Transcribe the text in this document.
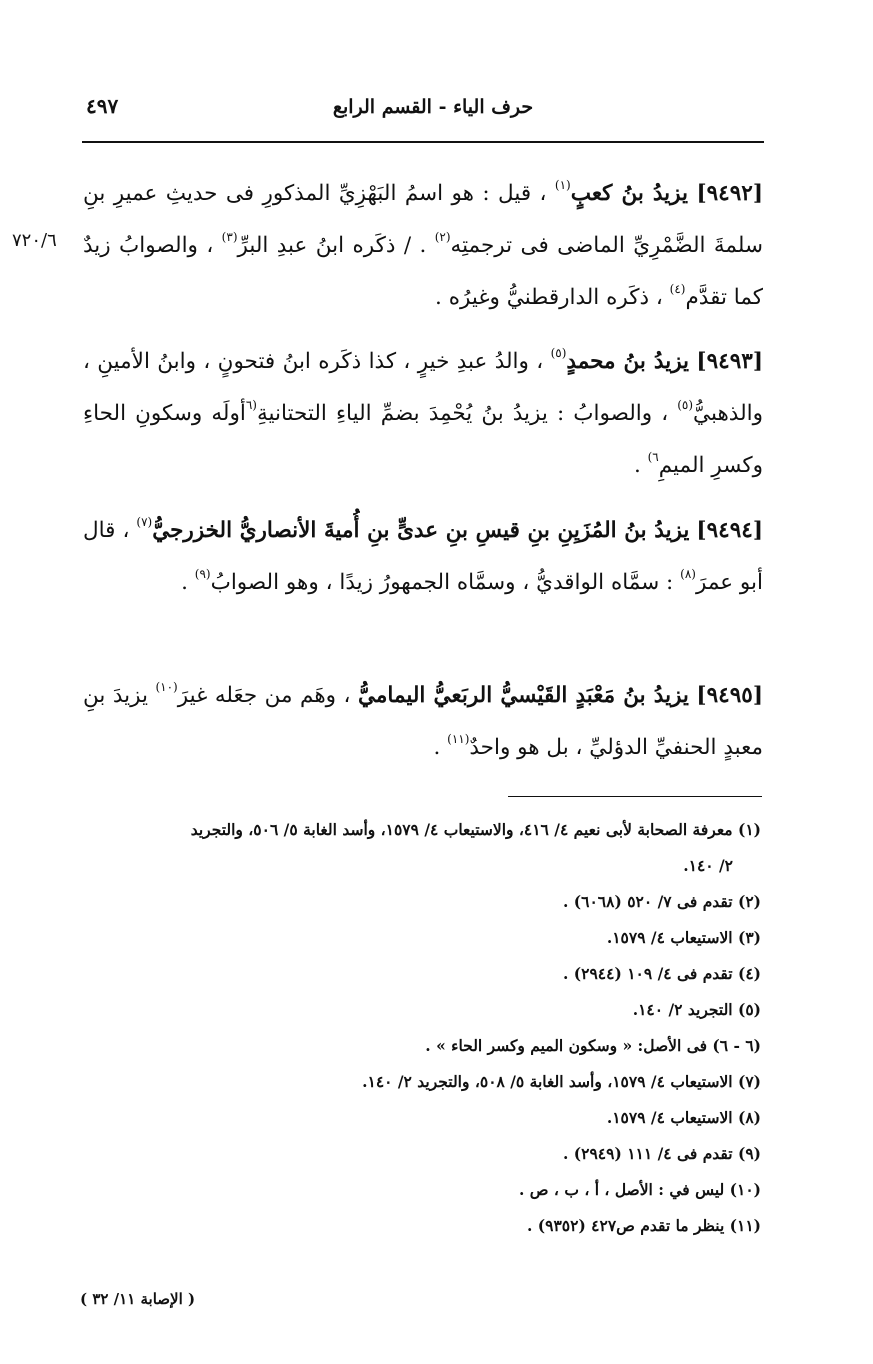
حرف الياء - القسم الرابع
٤٩٧
٧٢٠/٦
[٩٤٩٢] يزيدُ بنُ كعبٍ$^{(١)}$ ، قيل : هو اسمُ البَهْزِيِّ المذكورِ فى حديثِ عميرِ بنِ سلمةَ الضَّمْرِيِّ الماضى فى ترجمتِه$^{(٢)}$ . / ذكَره ابنُ عبدِ البرِّ$^{(٣)}$ ، والصوابُ زيدٌ كما تقدَّم$^{(٤)}$ ، ذكَره الدارقطنيُّ وغيرُه .
[٩٤٩٣] يزيدُ بنُ محمدٍ$^{(٥)}$ ، والدُ عبدِ خيرٍ ، كذا ذكَره ابنُ فتحونٍ ، وابنُ الأمينِ ، والذهبيُّ$^{(٥)}$ ، والصوابُ : يزيدُ بنُ يُحْمِدَ بضمِّ الياءِ التحتانيةِ$^{(٦}$أولَه وسكونِ الحاءِ وكسرِ الميمِ$^{٦)}$ .
[٩٤٩٤] يزيدُ بنُ المُزَيِنِ بنِ قيسِ بنِ عدىٍّ بنِ أُميةَ الأنصاريُّ الخزرجيُّ$^{(٧)}$ ، قال أبو عمرَ$^{(٨)}$ : سمَّاه الواقديُّ ، وسمَّاه الجمهورُ زيدًا ، وهو الصوابُ$^{(٩)}$ .
[٩٤٩٥] يزيدُ بنُ مَعْبَدٍ القَيْسيُّ الربَعيُّ اليماميُّ ، وهَم من جعَله غيرَ$^{(١٠)}$ يزيدَ بنِ معبدٍ الحنفيِّ الدؤليِّ ، بل هو واحدٌ$^{(١١)}$ .
(١) معرفة الصحابة لأبى نعيم ٤/ ٤١٦، والاستيعاب ٤/ ١٥٧٩، وأسد الغابة ٥/ ٥٠٦، والتجريد
٢/ ١٤٠.
(٢) تقدم فى ٧/ ٥٢٠ (٦٠٦٨) .
(٣) الاستيعاب ٤/ ١٥٧٩.
(٤) تقدم فى ٤/ ١٠٩ (٢٩٤٤) .
(٥) التجريد ٢/ ١٤٠.
(٦ - ٦) فى الأصل: « وسكون الميم وكسر الحاء » .
(٧) الاستيعاب ٤/ ١٥٧٩، وأسد الغابة ٥/ ٥٠٨، والتجريد ٢/ ١٤٠.
(٨) الاستيعاب ٤/ ١٥٧٩.
(٩) تقدم فى ٤/ ١١١ (٢٩٤٩) .
(١٠) ليس في : الأصل ، أ ، ب ، ص .
(١١) ينظر ما تقدم ص٤٢٧ (٩٣٥٢) .
( الإصابة ١١/ ٣٢ )
